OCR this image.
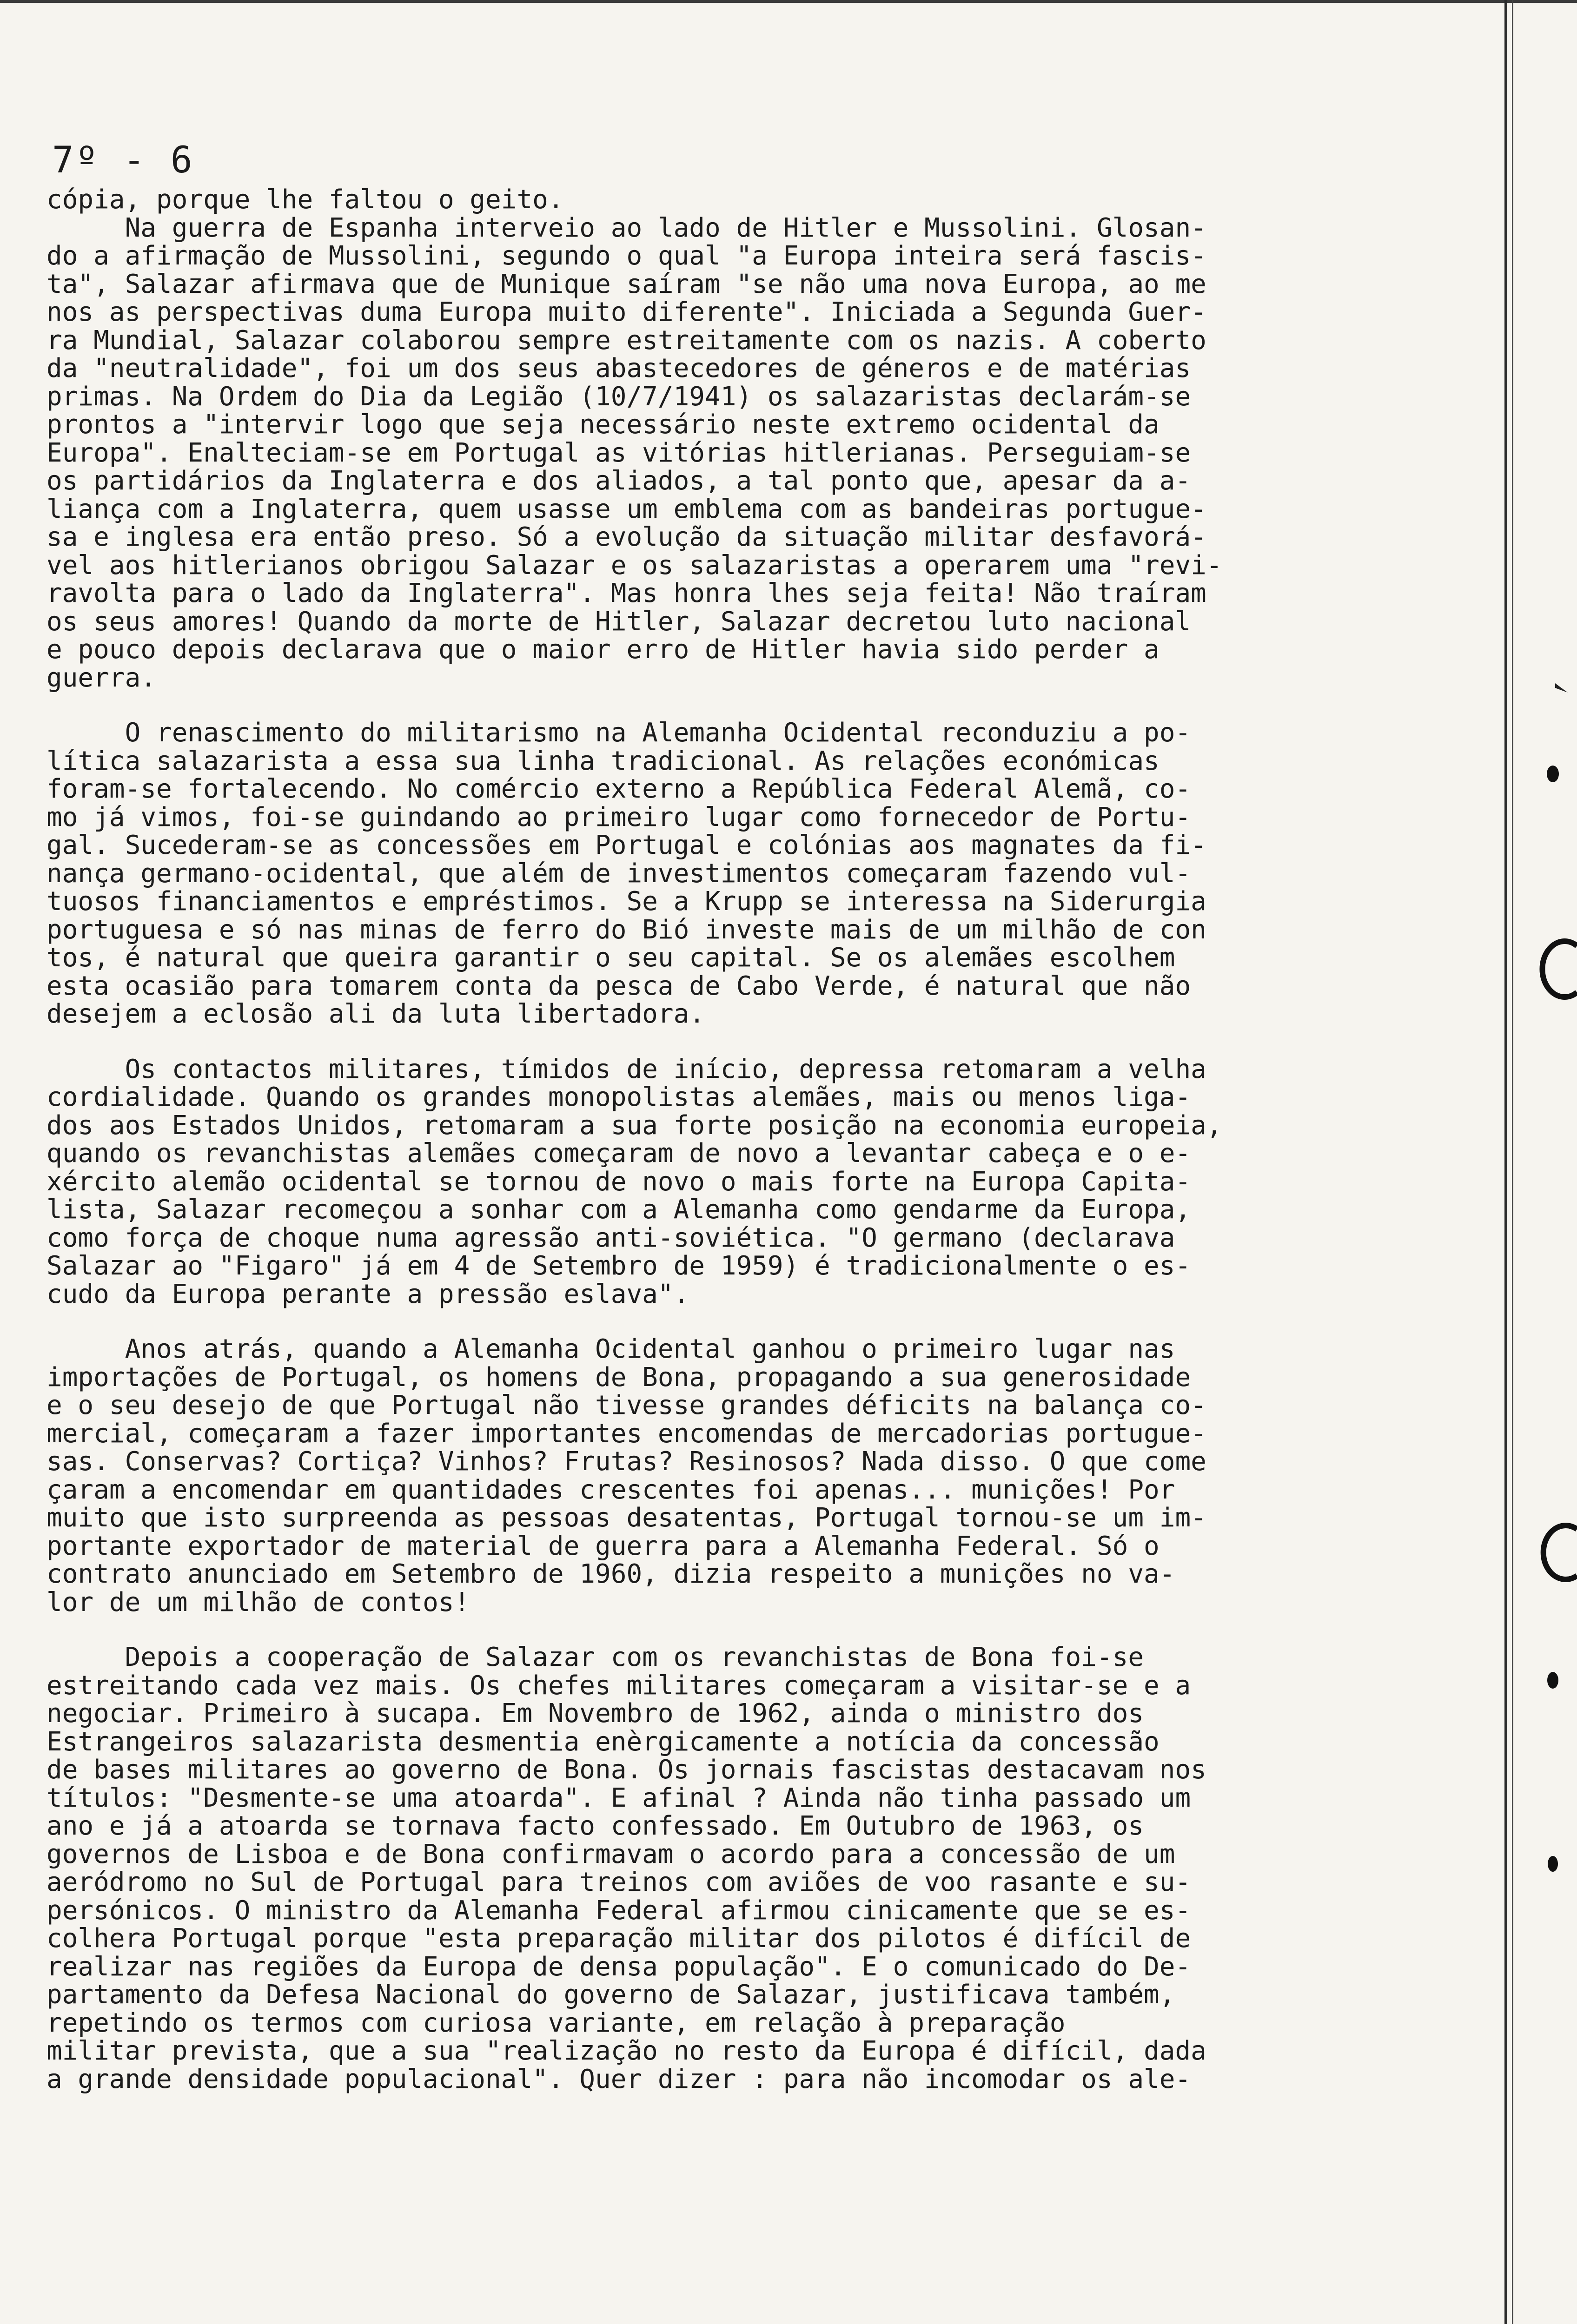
7º - 6
cópia, porque lhe faltou o geito.
Na guerra de Espanha interveio ao lado de Hitler e Mussolini. Glosan-
do a afirmação de Mussolini, segundo o qual "a Europa inteira será fascis-
ta", Salazar afirmava que de Munique saíram "se não uma nova Europa, ao me
nos as perspectivas duma Europa muito diferente". Iniciada a Segunda Guer-
ra Mundial, Salazar colaborou sempre estreitamente com os nazis. A coberto
da "neutralidade", foi um dos seus abastecedores de géneros e de matérias
primas. Na Ordem do Dia da Legião (10/7/1941) os salazaristas declarám-se
prontos a "intervir logo que seja necessário neste extremo ocidental da
Europa". Enalteciam-se em Portugal as vitórias hitlerianas. Perseguiam-se
os partidários da Inglaterra e dos aliados, a tal ponto que, apesar da a-
liança com a Inglaterra, quem usasse um emblema com as bandeiras portugue-
sa e inglesa era então preso. Só a evolução da situação militar desfavorá-
vel aos hitlerianos obrigou Salazar e os salazaristas a operarem uma "revi-
ravolta para o lado da Inglaterra". Mas honra lhes seja feita! Não traíram
os seus amores! Quando da morte de Hitler, Salazar decretou luto nacional
e pouco depois declarava que o maior erro de Hitler havia sido perder a
guerra.
O renascimento do militarismo na Alemanha Ocidental reconduziu a po-
lítica salazarista a essa sua linha tradicional. As relações económicas
foram-se fortalecendo. No comércio externo a República Federal Alemã, co-
mo já vimos, foi-se guindando ao primeiro lugar como fornecedor de Portu-
gal. Sucederam-se as concessões em Portugal e colónias aos magnates da fi-
nança germano-ocidental, que além de investimentos começaram fazendo vul-
tuosos financiamentos e empréstimos. Se a Krupp se interessa na Siderurgia
portuguesa e só nas minas de ferro do Bió investe mais de um milhão de con
tos, é natural que queira garantir o seu capital. Se os alemães escolhem
esta ocasião para tomarem conta da pesca de Cabo Verde, é natural que não
desejem a eclosão ali da luta libertadora.
Os contactos militares, tímidos de início, depressa retomaram a velha
cordialidade. Quando os grandes monopolistas alemães, mais ou menos liga-
dos aos Estados Unidos, retomaram a sua forte posição na economia europeia,
quando os revanchistas alemães começaram de novo a levantar cabeça e o e-
xército alemão ocidental se tornou de novo o mais forte na Europa Capita-
lista, Salazar recomeçou a sonhar com a Alemanha como gendarme da Europa,
como força de choque numa agressão anti-soviética. "O germano (declarava
Salazar ao "Figaro" já em 4 de Setembro de 1959) é tradicionalmente o es-
cudo da Europa perante a pressão eslava".
Anos atrás, quando a Alemanha Ocidental ganhou o primeiro lugar nas
importações de Portugal, os homens de Bona, propagando a sua generosidade
e o seu desejo de que Portugal não tivesse grandes déficits na balança co-
mercial, começaram a fazer importantes encomendas de mercadorias portugue-
sas. Conservas? Cortiça? Vinhos? Frutas? Resinosos? Nada disso. O que come
çaram a encomendar em quantidades crescentes foi apenas... munições! Por
muito que isto surpreenda as pessoas desatentas, Portugal tornou-se um im-
portante exportador de material de guerra para a Alemanha Federal. Só o
contrato anunciado em Setembro de 1960, dizia respeito a munições no va-
lor de um milhão de contos!
Depois a cooperação de Salazar com os revanchistas de Bona foi-se
estreitando cada vez mais. Os chefes militares começaram a visitar-se e a
negociar. Primeiro à sucapa. Em Novembro de 1962, ainda o ministro dos
Estrangeiros salazarista desmentia enèrgicamente a notícia da concessão
de bases militares ao governo de Bona. Os jornais fascistas destacavam nos
títulos: "Desmente-se uma atoarda". E afinal ? Ainda não tinha passado um
ano e já a atoarda se tornava facto confessado. Em Outubro de 1963, os
governos de Lisboa e de Bona confirmavam o acordo para a concessão de um
aeródromo no Sul de Portugal para treinos com aviões de voo rasante e su-
persónicos. O ministro da Alemanha Federal afirmou cinicamente que se es-
colhera Portugal porque "esta preparação militar dos pilotos é difícil de
realizar nas regiões da Europa de densa população". E o comunicado do De-
partamento da Defesa Nacional do governo de Salazar, justificava também,
repetindo os termos com curiosa variante, em relação à preparação
militar prevista, que a sua "realização no resto da Europa é difícil, dada
a grande densidade populacional". Quer dizer : para não incomodar os ale-
